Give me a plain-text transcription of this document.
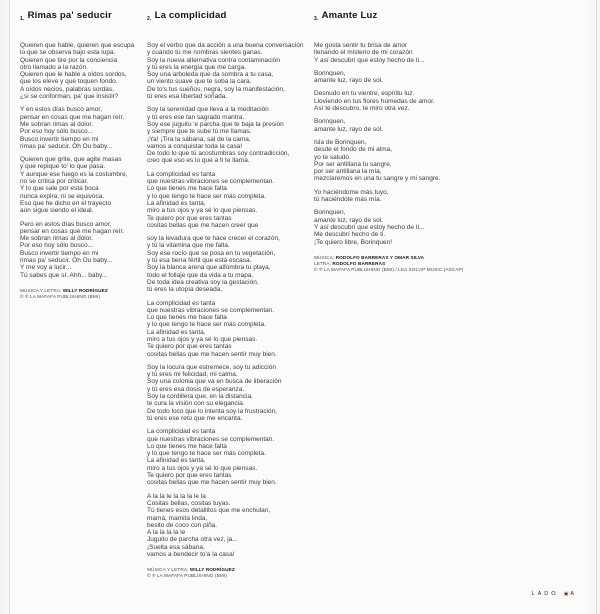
1. Rimas pa' seducir

Quieren que hable, quieren que escupa
lo que se observa bajo esta lupa.
Quieren que tire por la conciencia
otro llamado a la razón.
Quieren que le hable a oídos sordos,
que los eleve y que toquen fondo.
A oídos necios, palabras sordas,
¿si se conforman, pa' que insistir?

Y en estos días busco amor,
pensar en cosas que me hagan reír.
Me sobran rimas al dolor.
Por eso hoy sólo busco...
Busco invertir tiempo en mi
rimas pa' seducir. Oh Ou baby...

Quieren que grite, que agite masas
y que repique to' lo que pasa.
Y aunque ese fuego es la costumbre,
no se critica por criticar.
Y lo que sale por esta boca
nunca expira, ni se equivoca.
Eso que he dicho en el trayecto
aún sigue siendo el ideal.

Pero en estos días busco amor,
pensar en cosas que me hagan reír.
Me sobran rimas al dolor.
Por eso hoy sólo busco...
Busco invertir tiempo en mi
rimas pa' seducir. Oh Ou baby...
Y me voy a lucir...
Tú sabes que sí. Ahh... baby...

MÚSICA Y LETRA: WILLY RODRÍGUEZ
© ℗ LA MAFAFA PUBLISHING (BMI)
2. La complicidad

Soy el verbo que da acción a una buena conversación
y cuando tú me nombras sientes ganas.
Soy la nueva alternativa contra contaminación
y tú eres la energía que me carga.
Soy una arboleda que da sombra a tu casa,
un viento suave que te soba la cara.
De to's tus sueños, negra, soy la manifestación,
tú eres esa libertad soñada.

Soy la serenidad que lleva a la meditación
y tú eres ese tan sagrado mantra.
Soy ese juguito 'e parcha que te baja la presión
y siempre que te sube tú me llamas.
¡Ya! ¡Tira la sábana, sal de la cama,
vamos a conquistar toda la casa!
De todo lo que tú acostumbras soy contradicción,
creo que eso es lo que a ti te llama.

La complicidad es tanta
que nuestras vibraciones se complementan.
Lo que tienes me hace falta
y lo que tengo te hace ser más completa.
La afinidad es tanta,
miro a tus ojos y ya sé lo que piensas.
Te quiero por que eres tantas
cositas bellas que me hacen creer que

soy la levadura que te hace crecer el corazón,
y tú la vitamina que me falta.
Soy ese rocío que se posa en tu vegetación,
y tú esa tierra fértil que está escasa.
Soy la blanca arena que alfombra tu playa,
todo el follaje que da vida a tu mapa.
De toda idea creativa soy la gestación,
tú eres la utopía deseada.

La complicidad es tanta
que nuestras vibraciones se complementan.
Lo que tienes me hace falta
y lo que tengo te hace ser más completa.
La afinidad es tanta,
miro a tus ojos y ya sé lo que piensas.
Te quiero por que eres tantas
cositas bellas que me hacen sentir muy bien.

Soy la locura que estremece, soy tu adicción
y tú eres mi felicidad, mi calma.
Soy una colonia que va en busca de liberación
y tú eres esa dosis de esperanza.
Soy la cordillera que, en la distancia,
te cura la visión con su elegancia.
De todo loco que lo intenta soy la frustración,
tú eres ese reto que me encanta.

La complicidad es tanta
que nuestras vibraciones se complementan.
Lo que tienes me hace falta
y lo que tengo te hace ser más completa.
La afinidad es tanta,
miro a tus ojos y ya sé lo que piensas.
Te quiero por que eres tantas
cositas bellas que me hacen sentir muy bien.

A la la le la la la le la
Cositas bellas, cositas tuyas.
Tú tienes esos detallitos que me enchulan,
mamá, mamita linda,
besito de coco con piña.
A la la la la le
Juguito de parcha otra vez, ja...
¡Suelta esa sábana,
vamos a bendecir to'a la casa!

MÚSICA Y LETRA: WILLY RODRÍGUEZ
© ℗ LA MAFAFA PUBLISHING (BMI)
3. Amante Luz

Me gusta sentir tu brisa de amor
llenando el misterio de mi corazón
Y así descubrí que estoy hecho de ti...

Borinquen,
amante luz, rayo de sol.

Desnudo en tu vientre, espíritu luz.
Lloviendo en tus flores húmedas de amor.
Así te descubro, te miro otra vez.

Borinquen,
amante luz, rayo de sol.

Isla de Borinquen,
desde el fondo de mi alma,
yo te saludo.
Por ser antillana tu sangre,
por ser antillana la mía,
mezclaremos en una tu sangre y mi sangre.

Yo haciéndome más tuyo,
tú haciéndote más mía.

Borinquen,
amante luz, rayo de sol.
Y así descubrí que estoy hecho de ti...
Me descubrí hecho de ti.
¡Te quiero libre, Borinquen!

MÚSICA: RODOLFO BARRERAS Y OMAR SILVA
LETRA: RODOLFO BARRERAS
© ℗ LA MAFAFA PUBLISHING (BMI) / LEA SOCAP MUSIC (ASCAP)
LADO ★A
